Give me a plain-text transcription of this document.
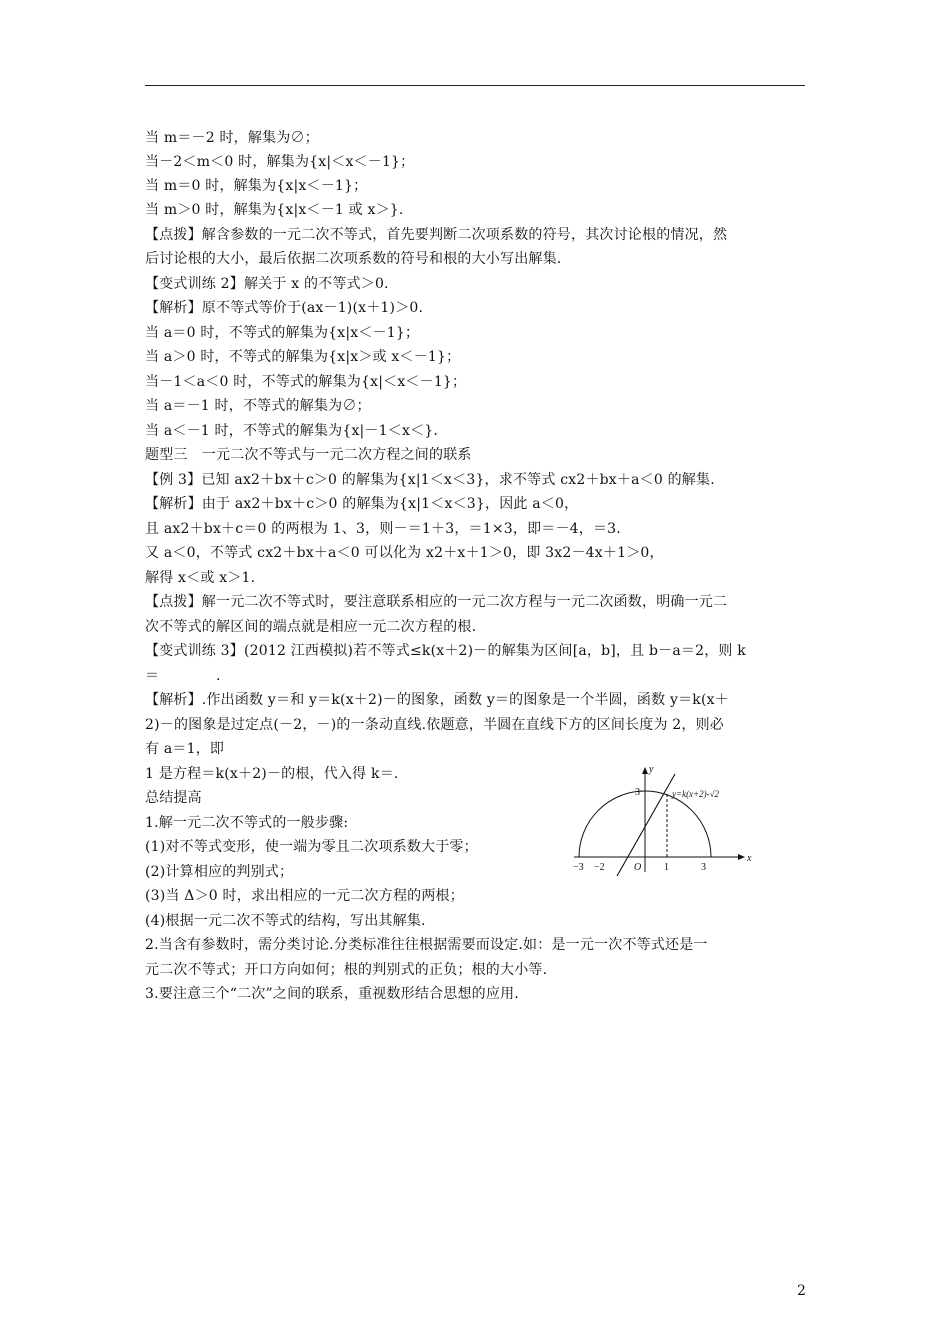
当 m＝－2 时，解集为∅；
当－2＜m＜0 时，解集为{x|＜x＜－1}；
当 m＝0 时，解集为{x|x＜－1}；
当 m＞0 时，解集为{x|x＜－1 或 x＞}.
【点拨】解含参数的一元二次不等式，首先要判断二次项系数的符号，其次讨论根的情况，然
后讨论根的大小，最后依据二次项系数的符号和根的大小写出解集.
【变式训练 2】解关于 x 的不等式＞0.
【解析】原不等式等价于(ax－1)(x＋1)＞0.
当 a＝0 时，不等式的解集为{x|x＜－1}；
当 a＞0 时，不等式的解集为{x|x＞或 x＜－1}；
当－1＜a＜0 时，不等式的解集为{x|＜x＜－1}；
当 a＝－1 时，不等式的解集为∅；
当 a＜－1 时，不等式的解集为{x|－1＜x＜}.
题型三　一元二次不等式与一元二次方程之间的联系
【例 3】已知 ax2＋bx＋c＞0 的解集为{x|1＜x＜3}，求不等式 cx2＋bx＋a＜0 的解集.
【解析】由于 ax2＋bx＋c＞0 的解集为{x|1＜x＜3}，因此 a＜0，
且 ax2＋bx＋c＝0 的两根为 1、3，则－＝1＋3，＝1×3，即＝－4，＝3.
又 a＜0，不等式 cx2＋bx＋a＜0 可以化为 x2＋x＋1＞0，即 3x2－4x＋1＞0，
解得 x＜或 x＞1.
【点拨】解一元二次不等式时，要注意联系相应的一元二次方程与一元二次函数，明确一元二
次不等式的解区间的端点就是相应一元二次方程的根.
【变式训练 3】(2012 江西模拟)若不等式≤k(x＋2)－的解集为区间[a，b]，且 b－a＝2，则 k
＝　　　　.
【解析】.作出函数 y＝和 y＝k(x＋2)－的图象，函数 y＝的图象是一个半圆，函数 y＝k(x＋
2)－的图象是过定点(－2，－)的一条动直线.依题意，半圆在直线下方的区间长度为 2，则必
有 a＝1，即
1 是方程＝k(x＋2)－的根，代入得 k＝.
总结提高
1.解一元二次不等式的一般步骤:
(1)对不等式变形，使一端为零且二次项系数大于零；
(2)计算相应的判别式；
(3)当 Δ＞0 时，求出相应的一元二次方程的两根；
(4)根据一元二次不等式的结构，写出其解集.
2.当含有参数时，需分类讨论.分类标准往往根据需要而设定.如：是一元一次不等式还是一
元二次不等式；开口方向如何；根的判别式的正负；根的大小等.
3.要注意三个“二次”之间的联系，重视数形结合思想的应用.
y
x
y=k(x+2)-√2
3
−3 −2	O 1	3
2
